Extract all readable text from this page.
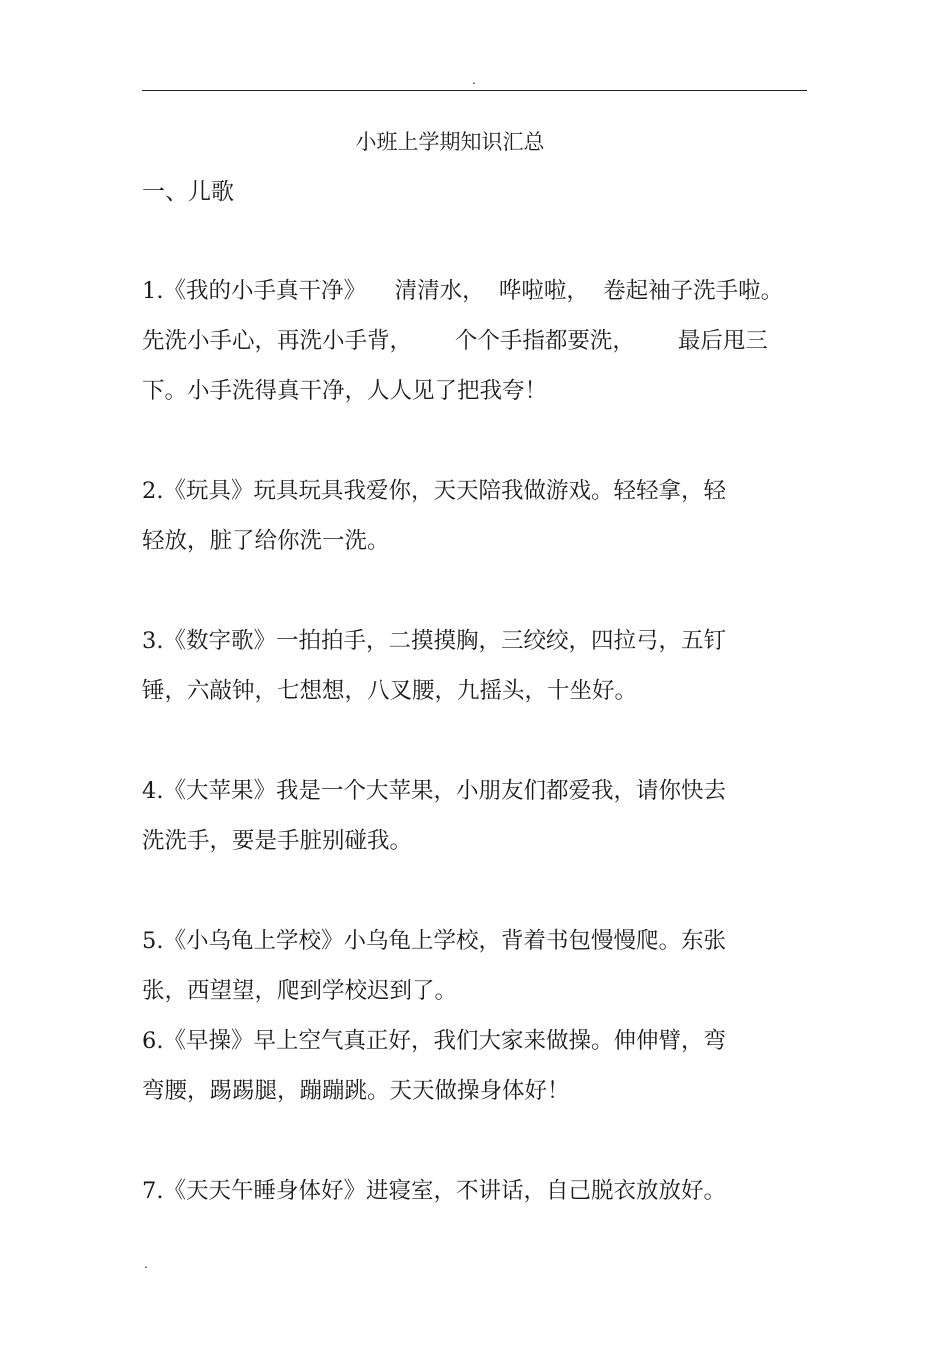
.
小班上学期知识汇总
一、儿歌
1.《我的小手真干净》    清清水，  哗啦啦，  卷起袖子洗手啦。
先洗小手心，再洗小手背，      个个手指都要洗，      最后甩三
下。小手洗得真干净，人人见了把我夸！
2.《玩具》玩具玩具我爱你，天天陪我做游戏。轻轻拿，轻
轻放，脏了给你洗一洗。
3.《数字歌》一拍拍手，二摸摸胸，三绞绞，四拉弓，五钉
锤，六敲钟，七想想，八叉腰，九摇头，十坐好。
4.《大苹果》我是一个大苹果，小朋友们都爱我，请你快去
洗洗手，要是手脏别碰我。
5.《小乌龟上学校》小乌龟上学校，背着书包慢慢爬。东张
张，西望望，爬到学校迟到了。
6.《早操》早上空气真正好，我们大家来做操。伸伸臂，弯
弯腰，踢踢腿，蹦蹦跳。天天做操身体好！
7.《天天午睡身体好》进寝室，不讲话，自己脱衣放放好。
.
